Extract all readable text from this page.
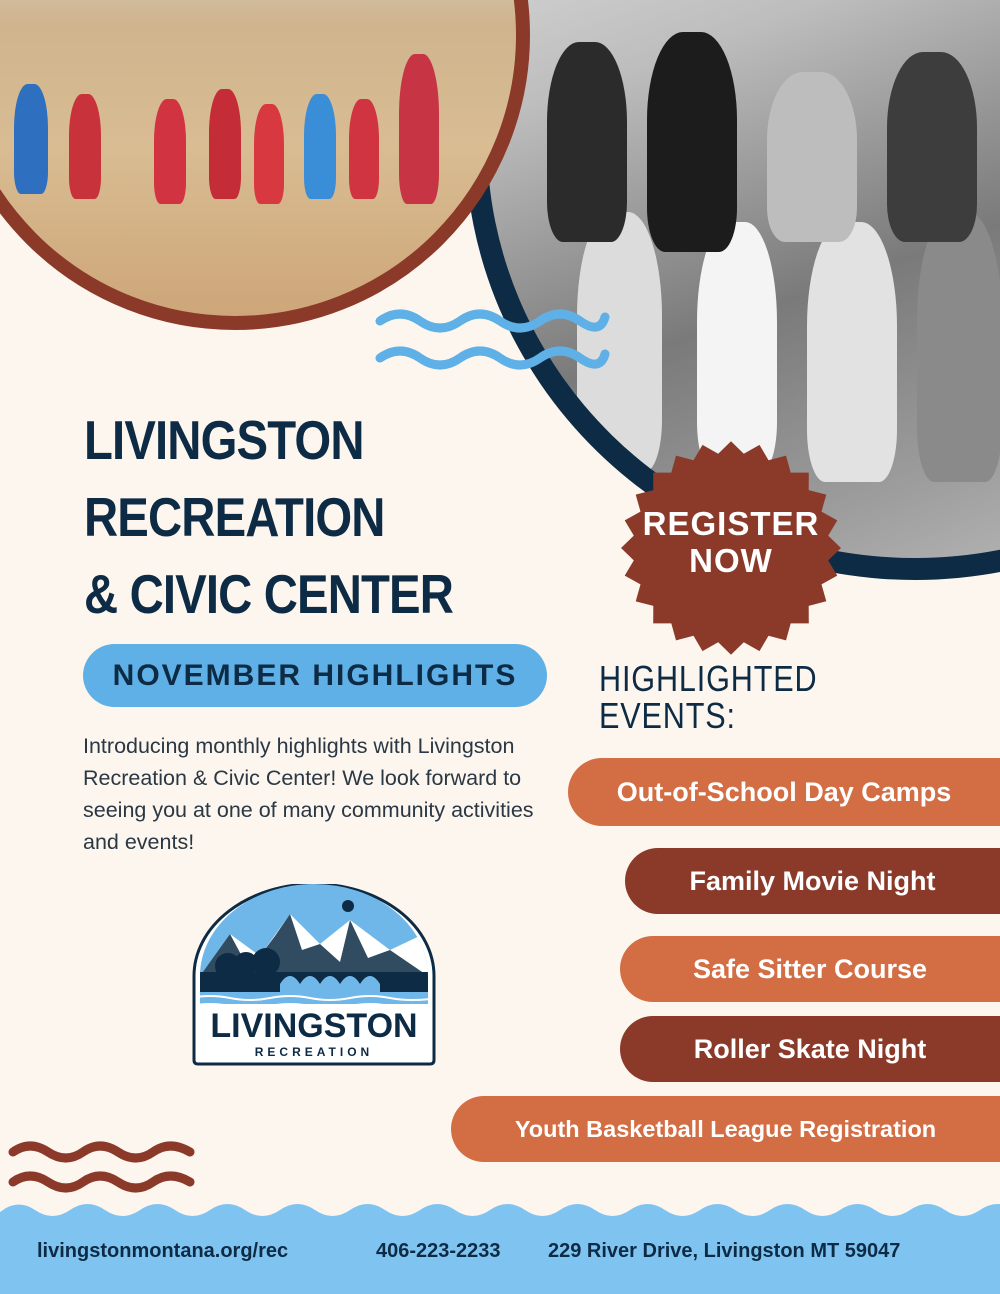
LIVINGSTON
RECREATION
& CIVIC CENTER
NOVEMBER HIGHLIGHTS
Introducing monthly highlights with Livingston Recreation & Civic Center! We look forward to seeing you at one of many community activities and events!
REGISTER
NOW
HIGHLIGHTED
EVENTS:
Out-of-School Day Camps
Family Movie Night
Safe Sitter Course
Roller Skate Night
Youth Basketball League Registration
LIVINGSTON
RECREATION
livingstonmontana.org/rec	406-223-2233 229 River Drive, Livingston MT 59047
